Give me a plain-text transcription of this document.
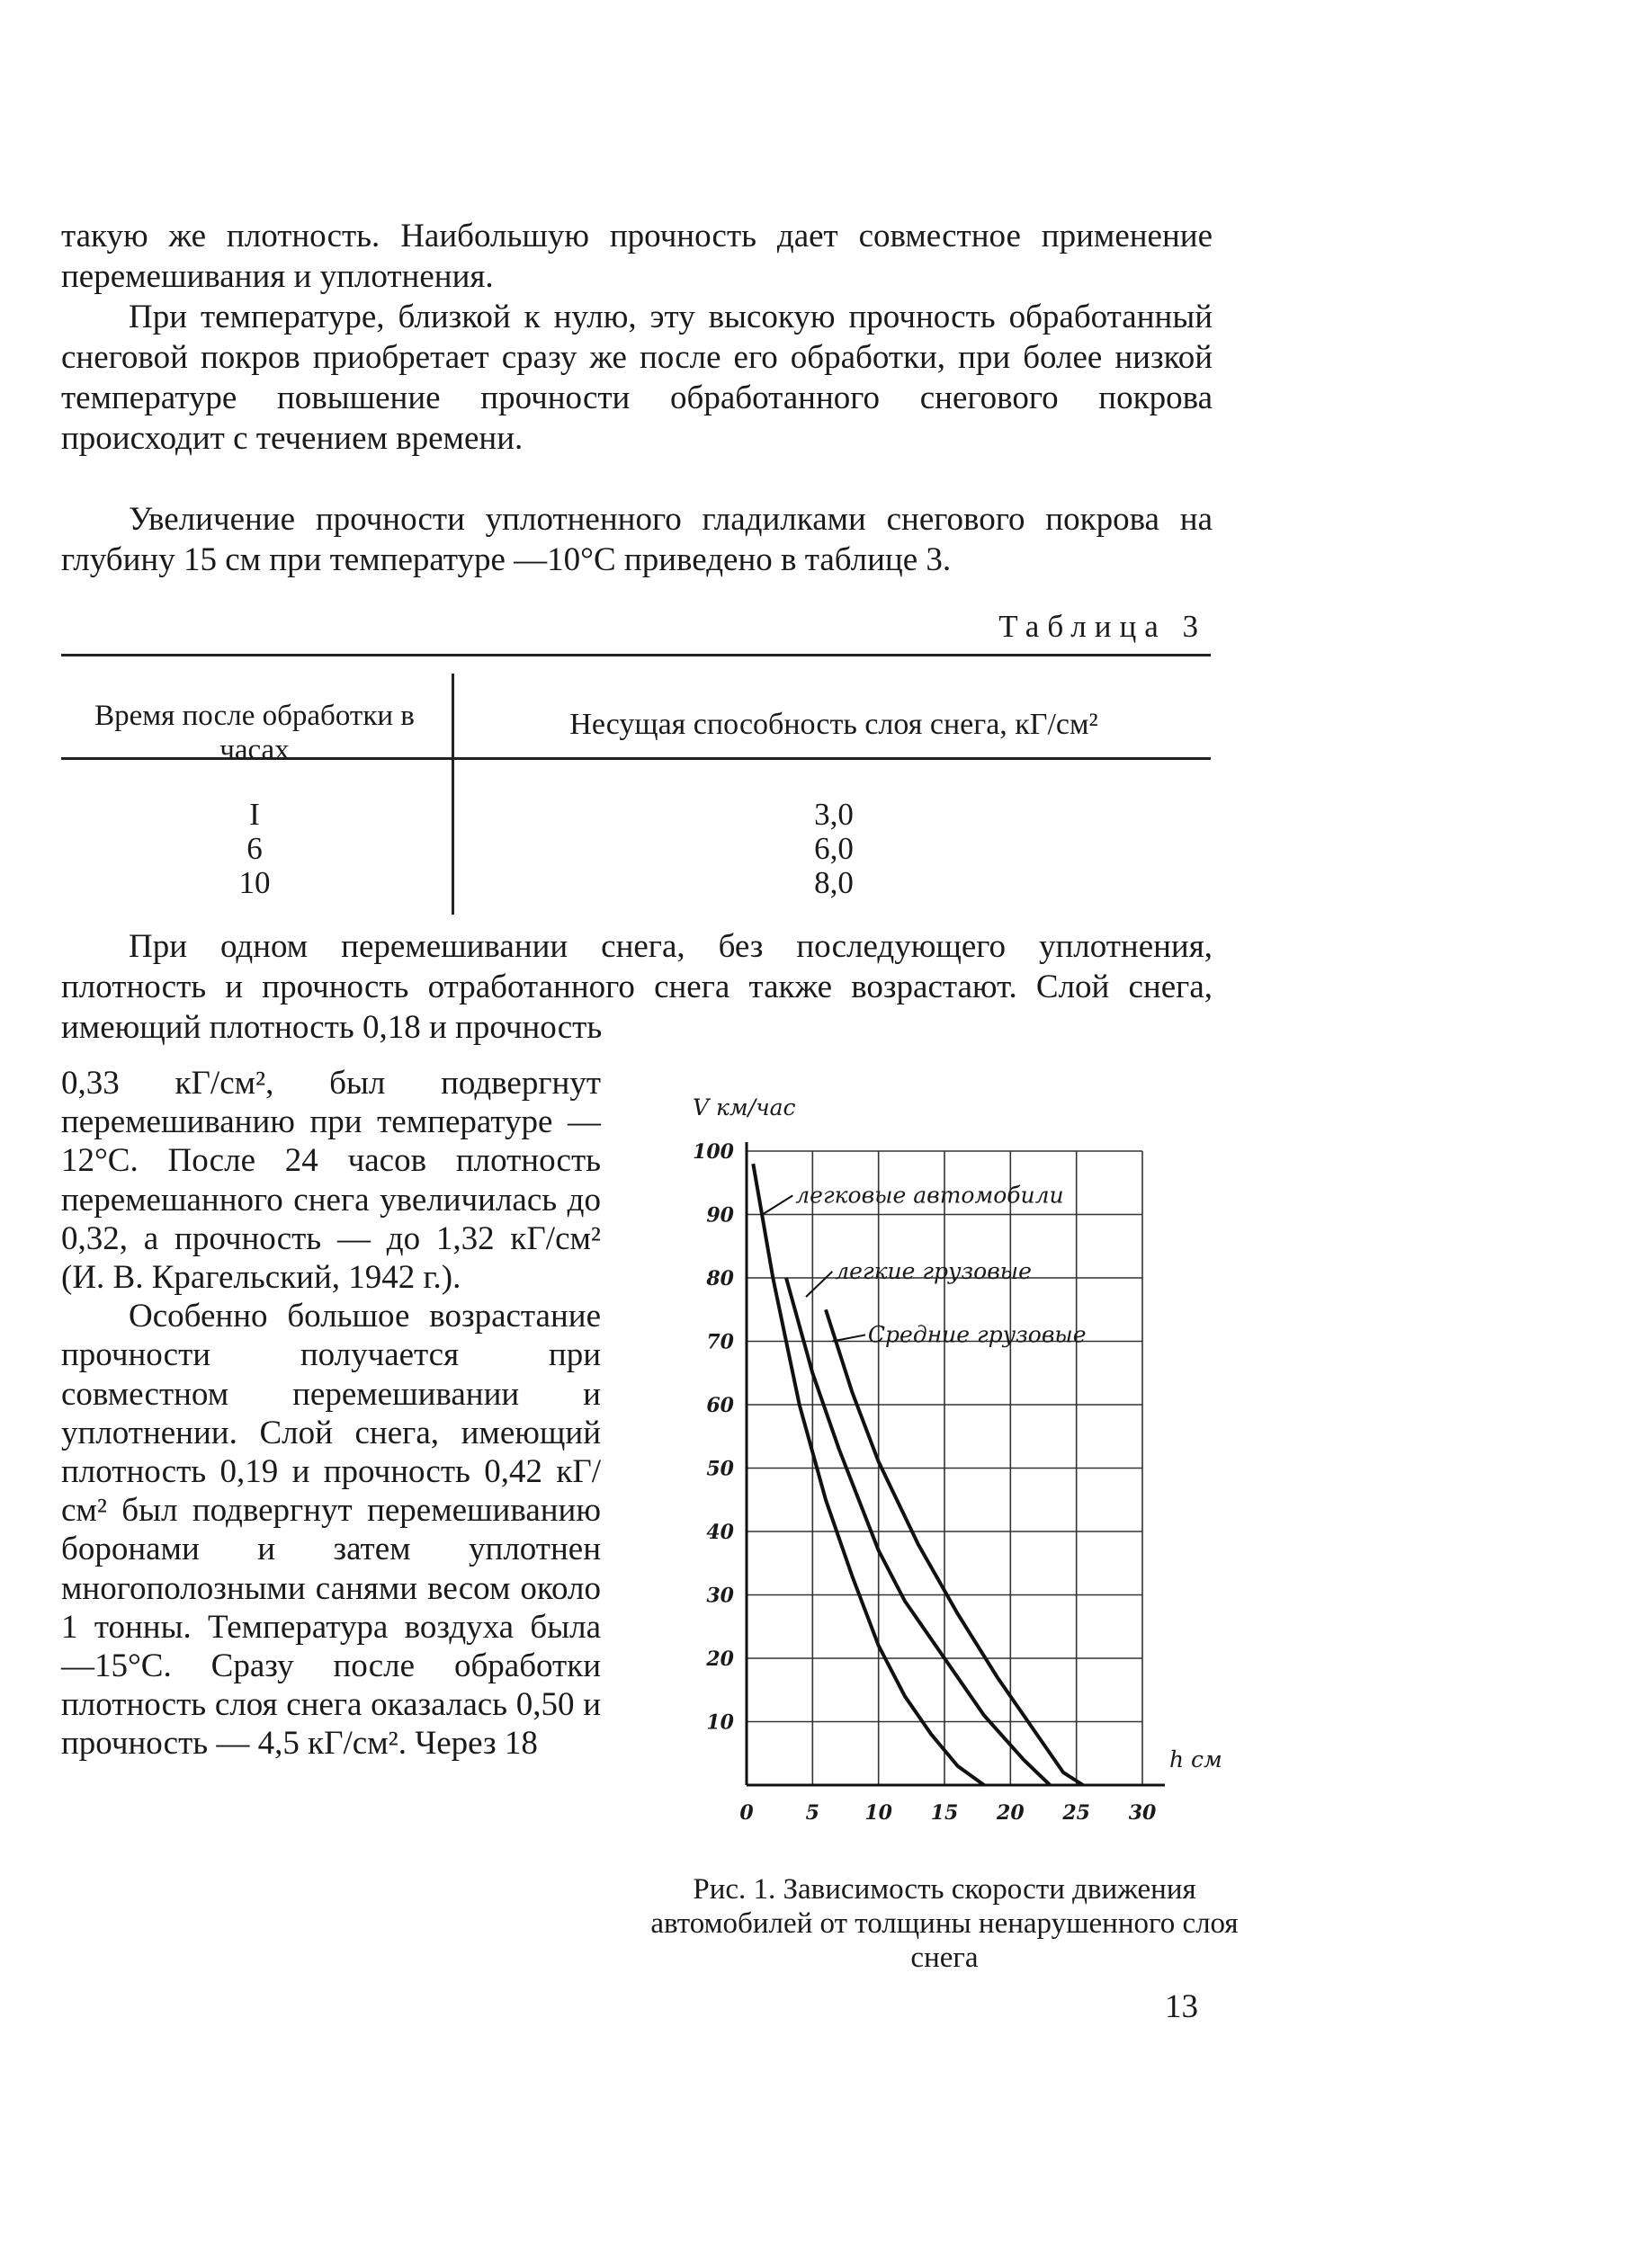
такую же плотность. Наибольшую прочность дает совместное применение перемешивания и уплотнения.

При температуре, близкой к нулю, эту высокую прочность обработанный снеговой покров приобретает сразу же после его обработки, при более низкой температуре повышение прочности обработанного снегового покрова происходит с течением времени.

Увеличение прочности уплотненного гладилками снегового покрова на глубину 15 см при температуре —10°С приведено в таблице 3.

Таблица 3
Время после обработки в часах
Несущая способность слоя снега, кГ/см²
I
6
10
3,0
6,0
8,0

При одном перемешивании снега, без последующего уплотнения, плотность и прочность отработанного снега также возрастают. Слой снега, имеющий плотность 0,18 и прочность

0,33 кГ/см², был подвергнут перемешиванию при температуре —12°С. После 24 часов плотность перемешанного снега увеличилась до 0,32, а прочность — до 1,32 кГ/см² (И. В. Крагельский, 1942 г.).

Особенно большое возрастание прочности получается при совместном перемешивании и уплотнении. Слой снега, имеющий плотность 0,19 и прочность 0,42 кГ/см² был подвергнут перемешиванию боронами и затем уплотнен многополозными санями весом около 1 тонны. Температура воздуха была —15°С. Сразу после обработки плотность слоя снега оказалась 0,50 и прочность — 4,5 кГ/см². Через 18

0	5 10 15 20 25 30
10
20
30
40
50
60
70
80
90
100
V км/час
h см
легковые автомобили
легкие грузовые
Средние грузовые
Рис. 1. Зависимость скорости движения автомобилей от толщины ненарушенного слоя снега
13
